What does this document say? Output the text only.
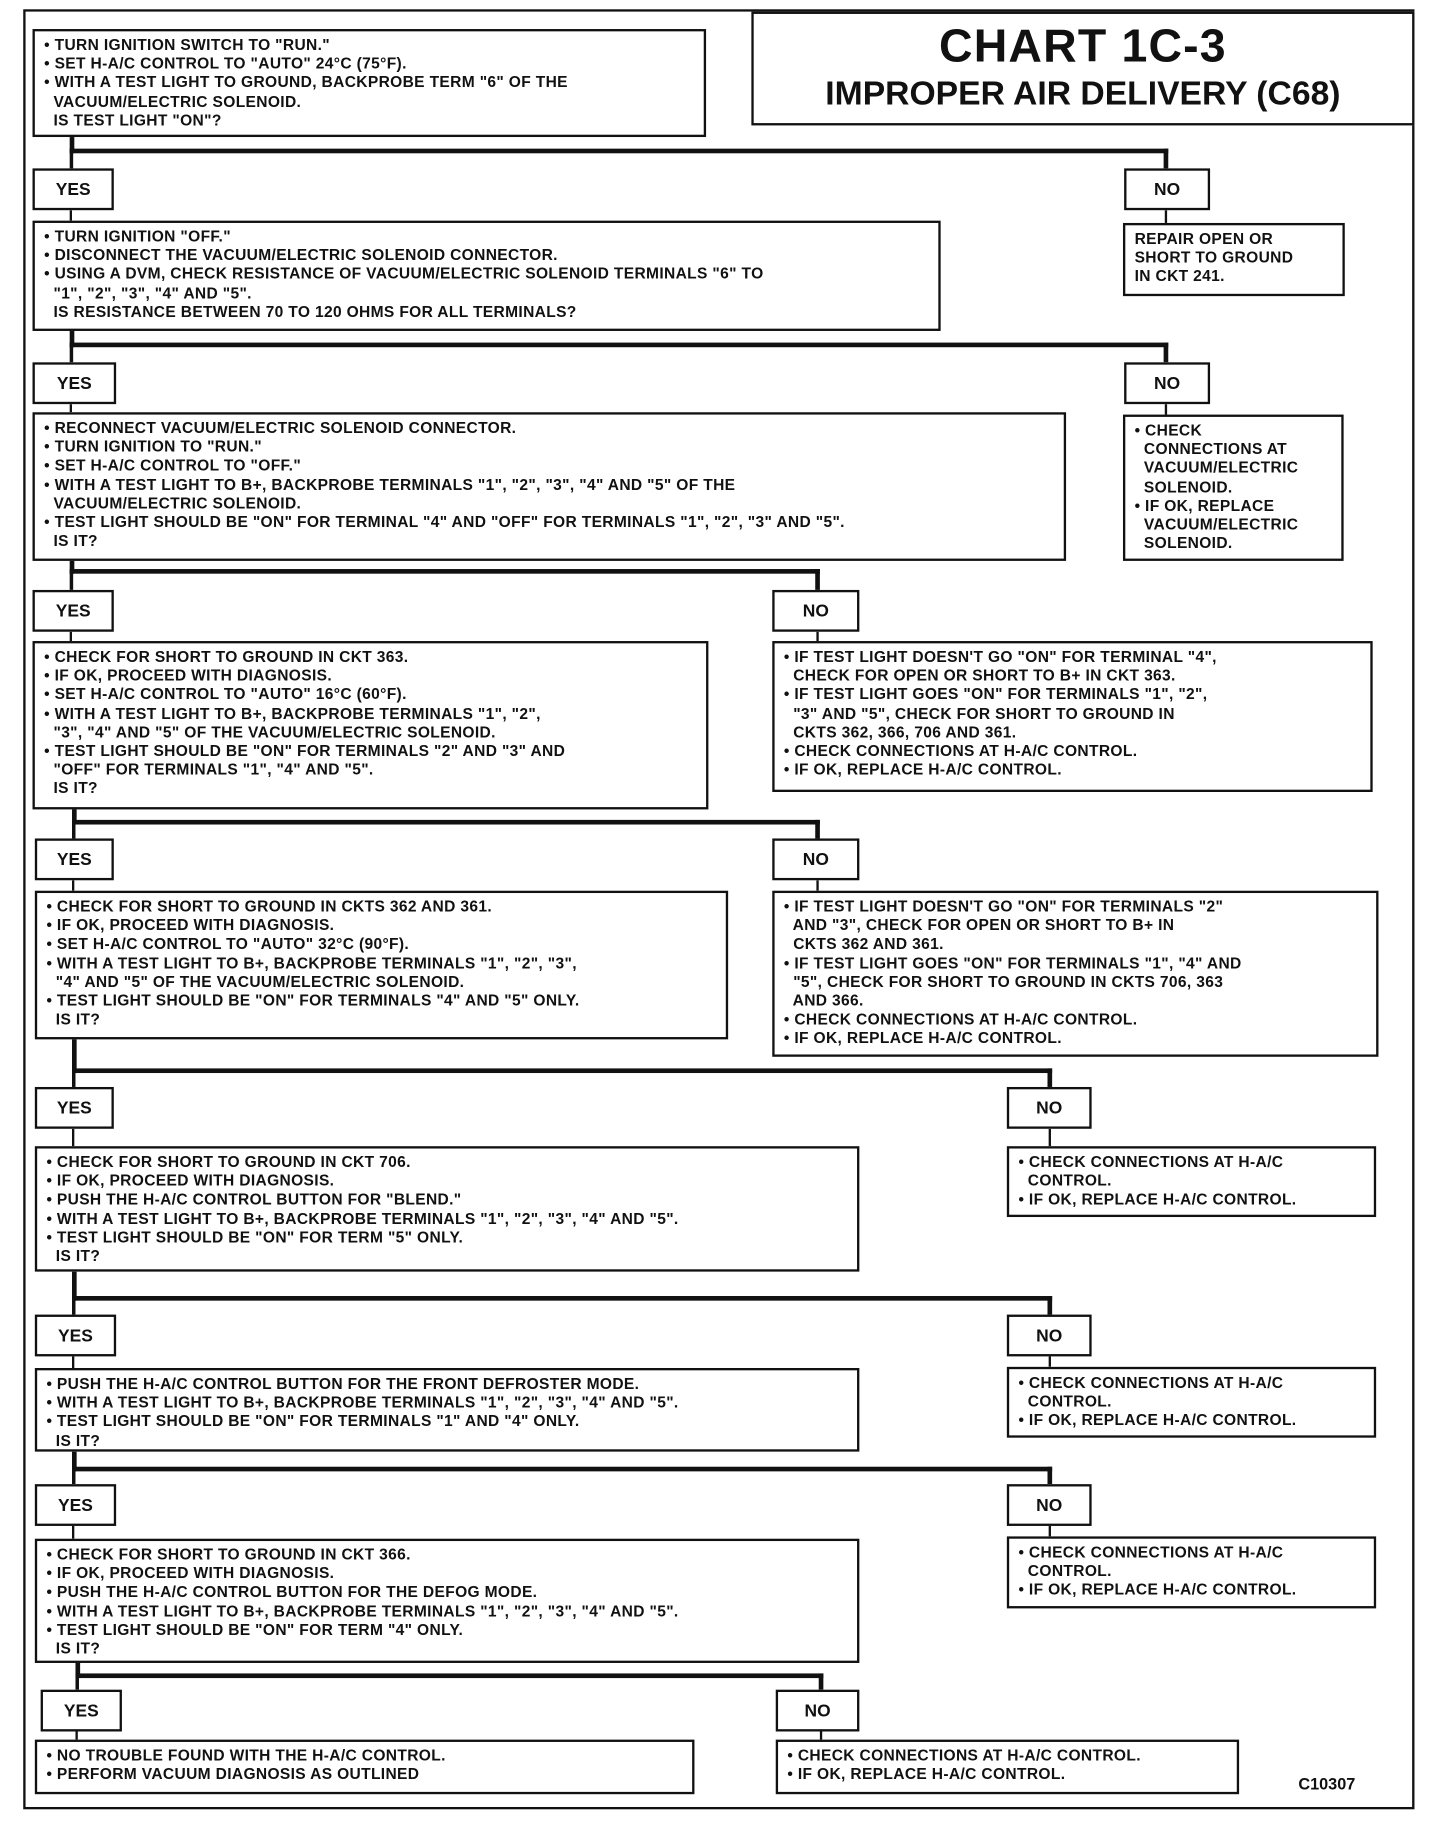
CHART 1C-3
IMPROPER AIR DELIVERY (C68)
C10307
• TURN IGNITION SWITCH TO "RUN."
• SET H-A/C CONTROL TO "AUTO" 24°C (75°F).
• WITH A TEST LIGHT TO GROUND, BACKPROBE TERM "6" OF THE
VACUUM/ELECTRIC SOLENOID.
IS TEST LIGHT "ON"?
YES	NO
REPAIR OPEN OR
SHORT TO GROUND
IN CKT 241.
• TURN IGNITION "OFF."
• DISCONNECT THE VACUUM/ELECTRIC SOLENOID CONNECTOR.
• USING A DVM, CHECK RESISTANCE OF VACUUM/ELECTRIC SOLENOID TERMINALS "6" TO
"1", "2", "3", "4" AND "5".
IS RESISTANCE BETWEEN 70 TO 120 OHMS FOR ALL TERMINALS?
YES	NO
• CHECK
CONNECTIONS AT
VACUUM/ELECTRIC
SOLENOID.
• IF OK, REPLACE
VACUUM/ELECTRIC
SOLENOID.
• RECONNECT VACUUM/ELECTRIC SOLENOID CONNECTOR.
• TURN IGNITION TO "RUN."
• SET H-A/C CONTROL TO "OFF."
• WITH A TEST LIGHT TO B+, BACKPROBE TERMINALS "1", "2", "3", "4" AND "5" OF THE
VACUUM/ELECTRIC SOLENOID.
• TEST LIGHT SHOULD BE "ON" FOR TERMINAL "4" AND "OFF" FOR TERMINALS "1", "2", "3" AND "5".
IS IT?
YES	NO
• IF TEST LIGHT DOESN'T GO "ON" FOR TERMINAL "4",
CHECK FOR OPEN OR SHORT TO B+ IN CKT 363.
• IF TEST LIGHT GOES "ON" FOR TERMINALS "1", "2",
"3" AND "5", CHECK FOR SHORT TO GROUND IN
CKTS 362, 366, 706 AND 361.
• CHECK CONNECTIONS AT H-A/C CONTROL.
• IF OK, REPLACE H-A/C CONTROL.
• CHECK FOR SHORT TO GROUND IN CKT 363.
• IF OK, PROCEED WITH DIAGNOSIS.
• SET H-A/C CONTROL TO "AUTO" 16°C (60°F).
• WITH A TEST LIGHT TO B+, BACKPROBE TERMINALS "1", "2",
"3", "4" AND "5" OF THE VACUUM/ELECTRIC SOLENOID.
• TEST LIGHT SHOULD BE "ON" FOR TERMINALS "2" AND "3" AND
"OFF" FOR TERMINALS "1", "4" AND "5".
IS IT?
YES	NO
• IF TEST LIGHT DOESN'T GO "ON" FOR TERMINALS "2"
AND "3", CHECK FOR OPEN OR SHORT TO B+ IN
CKTS 362 AND 361.
• IF TEST LIGHT GOES "ON" FOR TERMINALS "1", "4" AND
"5", CHECK FOR SHORT TO GROUND IN CKTS 706, 363
AND 366.
• CHECK CONNECTIONS AT H-A/C CONTROL.
• IF OK, REPLACE H-A/C CONTROL.
• CHECK FOR SHORT TO GROUND IN CKTS 362 AND 361.
• IF OK, PROCEED WITH DIAGNOSIS.
• SET H-A/C CONTROL TO "AUTO" 32°C (90°F).
• WITH A TEST LIGHT TO B+, BACKPROBE TERMINALS "1", "2", "3",
"4" AND "5" OF THE VACUUM/ELECTRIC SOLENOID.
• TEST LIGHT SHOULD BE "ON" FOR TERMINALS "4" AND "5" ONLY.
IS IT?
YES	NO
• CHECK CONNECTIONS AT H-A/C
CONTROL.
• IF OK, REPLACE H-A/C CONTROL.
• CHECK FOR SHORT TO GROUND IN CKT 706.
• IF OK, PROCEED WITH DIAGNOSIS.
• PUSH THE H-A/C CONTROL BUTTON FOR "BLEND."
• WITH A TEST LIGHT TO B+, BACKPROBE TERMINALS "1", "2", "3", "4" AND "5".
• TEST LIGHT SHOULD BE "ON" FOR TERM "5" ONLY.
IS IT?
YES	NO
• CHECK CONNECTIONS AT H-A/C
CONTROL.
• IF OK, REPLACE H-A/C CONTROL.
• PUSH THE H-A/C CONTROL BUTTON FOR THE FRONT DEFROSTER MODE.
• WITH A TEST LIGHT TO B+, BACKPROBE TERMINALS "1", "2", "3", "4" AND "5".
• TEST LIGHT SHOULD BE "ON" FOR TERMINALS "1" AND "4" ONLY.
IS IT?
YES	NO
• CHECK CONNECTIONS AT H-A/C
CONTROL.
• IF OK, REPLACE H-A/C CONTROL.
• CHECK FOR SHORT TO GROUND IN CKT 366.
• IF OK, PROCEED WITH DIAGNOSIS.
• PUSH THE H-A/C CONTROL BUTTON FOR THE DEFOG MODE.
• WITH A TEST LIGHT TO B+, BACKPROBE TERMINALS "1", "2", "3", "4" AND "5".
• TEST LIGHT SHOULD BE "ON" FOR TERM "4" ONLY.
IS IT?
YES	NO
• NO TROUBLE FOUND WITH THE H-A/C CONTROL.
• PERFORM VACUUM DIAGNOSIS AS OUTLINED
• CHECK CONNECTIONS AT H-A/C CONTROL.
• IF OK, REPLACE H-A/C CONTROL.
